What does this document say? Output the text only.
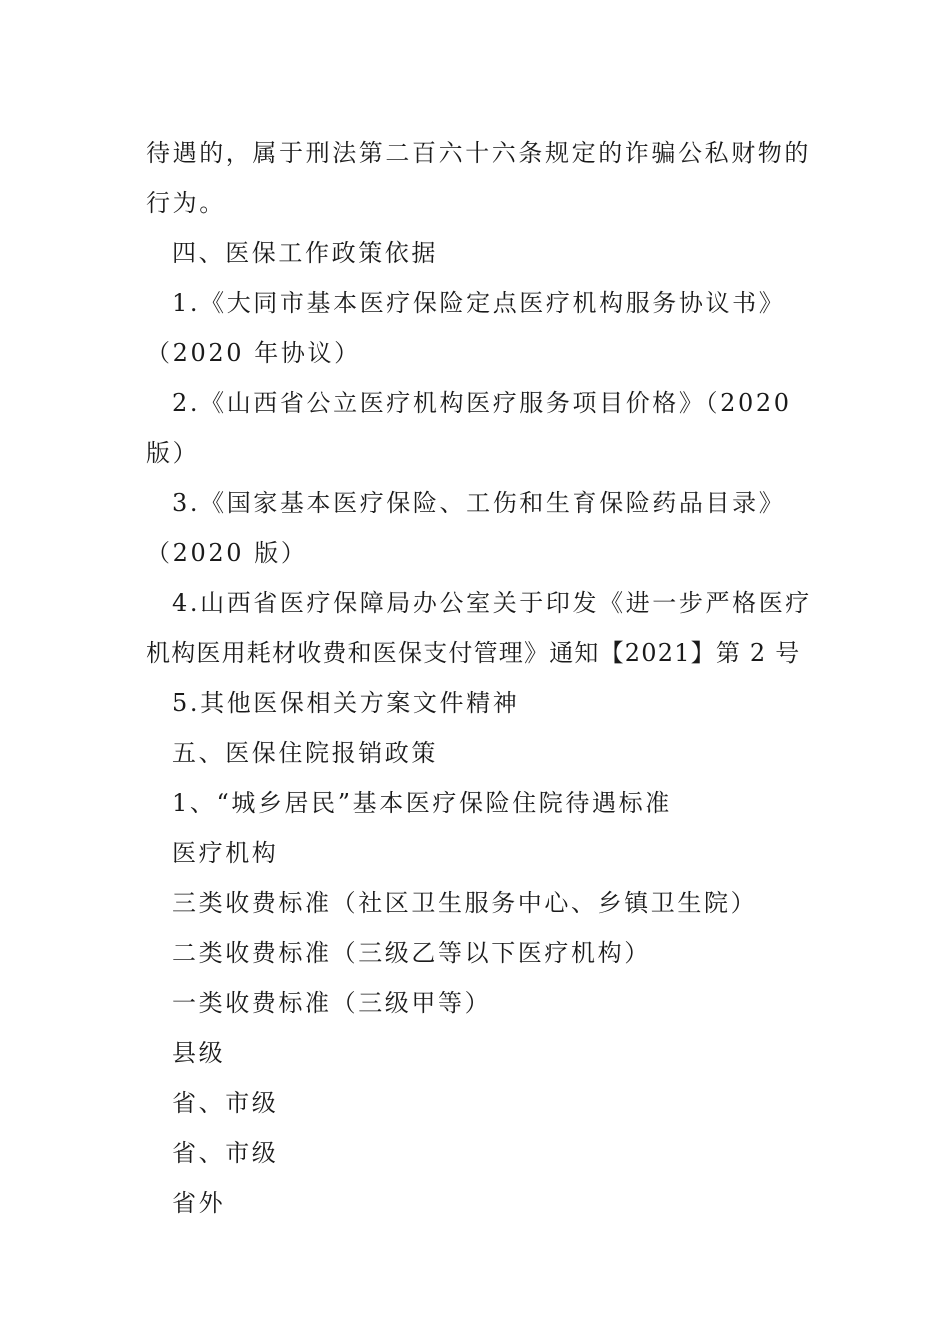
待遇的，属于刑法第二百六十六条规定的诈骗公私财物的
行为。
四、医保工作政策依据
1.《大同市基本医疗保险定点医疗机构服务协议书》
（2020 年协议）
2.《山西省公立医疗机构医疗服务项目价格》（2020
版）
3.《国家基本医疗保险、工伤和生育保险药品目录》
（2020 版）
4.山西省医疗保障局办公室关于印发《进一步严格医疗
机构医用耗材收费和医保支付管理》通知【2021】第 2 号
5.其他医保相关方案文件精神
五、医保住院报销政策
1、“城乡居民”基本医疗保险住院待遇标准
医疗机构
三类收费标准（社区卫生服务中心、乡镇卫生院）
二类收费标准（三级乙等以下医疗机构）
一类收费标准（三级甲等）
县级
省、市级
省、市级
省外
